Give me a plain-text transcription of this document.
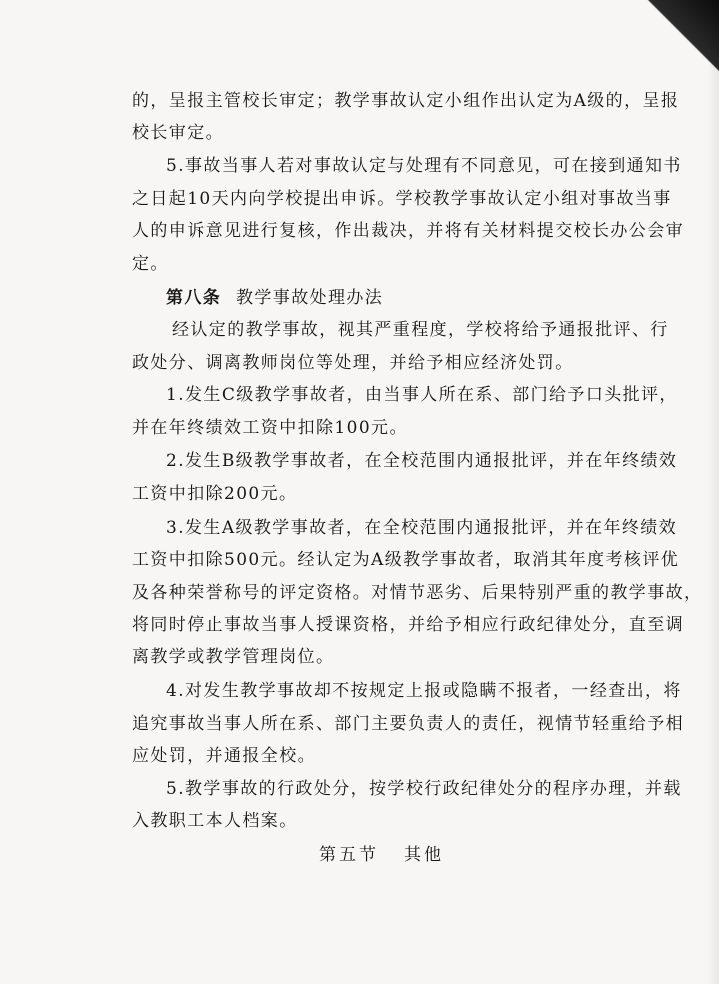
的，呈报主管校长审定；教学事故认定小组作出认定为A级的，呈报
校长审定。
5.事故当事人若对事故认定与处理有不同意见，可在接到通知书
之日起10天内向学校提出申诉。学校教学事故认定小组对事故当事
人的申诉意见进行复核，作出裁决，并将有关材料提交校长办公会审
定。
第八条 教学事故处理办法
经认定的教学事故，视其严重程度，学校将给予通报批评、行
政处分、调离教师岗位等处理，并给予相应经济处罚。
1.发生C级教学事故者，由当事人所在系、部门给予口头批评，
并在年终绩效工资中扣除100元。
2.发生B级教学事故者，在全校范围内通报批评，并在年终绩效
工资中扣除200元。
3.发生A级教学事故者，在全校范围内通报批评，并在年终绩效
工资中扣除500元。经认定为A级教学事故者，取消其年度考核评优
及各种荣誉称号的评定资格。对情节恶劣、后果特别严重的教学事故，
将同时停止事故当事人授课资格，并给予相应行政纪律处分，直至调
离教学或教学管理岗位。
4.对发生教学事故却不按规定上报或隐瞒不报者，一经查出，将
追究事故当事人所在系、部门主要负责人的责任，视情节轻重给予相
应处罚，并通报全校。
5.教学事故的行政处分，按学校行政纪律处分的程序办理，并载
入教职工本人档案。
第五节 其他
